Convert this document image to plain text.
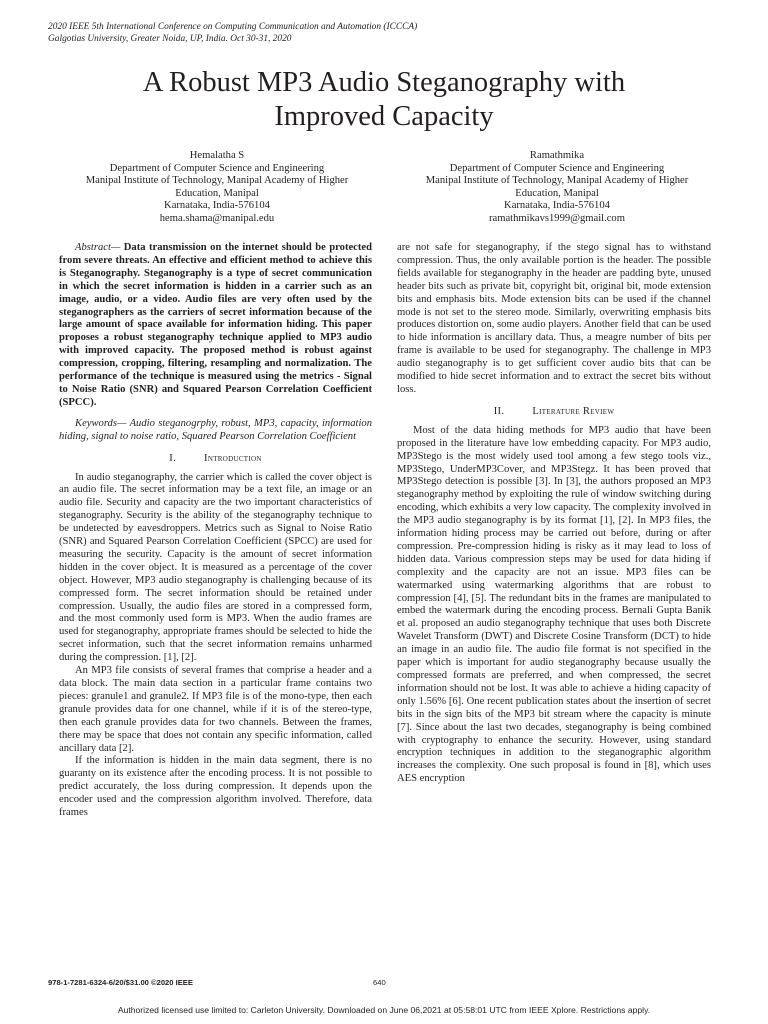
2020 IEEE 5th International Conference on Computing Communication and Automation (ICCCA)
Galgotias University, Greater Noida, UP, India. Oct 30-31, 2020
A Robust MP3 Audio Steganography with
Improved Capacity
Hemalatha S
Department of Computer Science and Engineering
Manipal Institute of Technology, Manipal Academy of Higher
Education, Manipal
Karnataka, India-576104
hema.shama@manipal.edu
Ramathmika
Department of Computer Science and Engineering
Manipal Institute of Technology, Manipal Academy of Higher
Education, Manipal
Karnataka, India-576104
ramathmikavs1999@gmail.com

Abstract— Data transmission on the internet should be protected from severe threats. An effective and efficient method to achieve this is Steganography. Steganography is a type of secret communication in which the secret information is hidden in a carrier such as an image, audio, or a video. Audio files are very often used by the steganographers as the carriers of secret information because of the large amount of space available for information hiding. This paper proposes a robust steganography technique applied to MP3 audio with improved capacity. The proposed method is robust against compression, cropping, filtering, resampling and normalization. The performance of the technique is measured using the metrics - Signal to Noise Ratio (SNR) and Squared Pearson Correlation Coefficient (SPCC).

Keywords— Audio steganogrphy, robust, MP3, capacity, information hiding, signal to noise ratio, Squared Pearson Correlation Coefficient

I.	Introduction

In audio steganography, the carrier which is called the cover object is an audio file. The secret information may be a text file, an image or an audio file. Security and capacity are the two important characteristics of steganography. Security is the ability of the steganography technique to be undetected by eavesdroppers. Metrics such as Signal to Noise Ratio (SNR) and Squared Pearson Correlation Coefficient (SPCC) are used for measuring the security. Capacity is the amount of secret information hidden in the cover object. It is measured as a percentage of the cover object. However, MP3 audio steganography is challenging because of its compressed form. The secret information should be retained under compression. Usually, the audio files are stored in a compressed form, and the most commonly used form is MP3. When the audio frames are used for steganography, appropriate frames should be selected to hide the secret information, such that the secret information remains unharmed during the compression. [1], [2].

An MP3 file consists of several frames that comprise a header and a data block. The main data section in a particular frame contains two pieces: granule1 and granule2. If MP3 file is of the mono-type, then each granule provides data for one channel, while if it is of the stereo-type, then each granule provides data for two channels. Between the frames, there may be space that does not contain any specific information, called ancillary data [2].

If the information is hidden in the main data segment, there is no guaranty on its existence after the encoding process. It is not possible to predict accurately, the loss during compression. It depends upon the encoder used and the compression algorithm involved. Therefore, data frames

are not safe for steganography, if the stego signal has to withstand compression. Thus, the only available portion is the header. The possible fields available for steganography in the header are padding byte, unused header bits such as private bit, copyright bit, original bit, mode extension bits and emphasis bits. Mode extension bits can be used if the channel mode is not set to the stereo mode. Similarly, overwriting emphasis bits produces distortion on, some audio players. Another field that can be used to hide information is ancillary data. Thus, a meagre number of bits per frame is available to be used for steganography. The challenge in MP3 audio steganography is to get sufficient cover audio bits that can be modified to hide secret information and to extract the secret bits without loss.

II.	Literature Review

Most of the data hiding methods for MP3 audio that have been proposed in the literature have low embedding capacity. For MP3 audio, MP3Stego is the most widely used tool among a few stego tools viz., MP3Stego, UnderMP3Cover, and MP3Stegz. It has been proved that MP3Stego detection is possible [3]. In [3], the authors proposed an MP3 steganography method by exploiting the rule of window switching during encoding, which exhibits a very low capacity. The complexity involved in the MP3 audio steganography is by its format [1], [2]. In MP3 files, the information hiding process may be carried out before, during or after compression. Pre-compression hiding is risky as it may lead to loss of hidden data. Various compression steps may be used for data hiding if complexity and the capacity are not an issue. MP3 files can be watermarked using watermarking algorithms that are robust to compression [4], [5]. The redundant bits in the frames are manipulated to embed the watermark during the encoding process. Bernali Gupta Banik et al. proposed an audio steganography technique that uses both Discrete Wavelet Transform (DWT) and Discrete Cosine Transform (DCT) to hide an image in an audio file. The audio file format is not specified in the paper which is important for audio steganography because usually the compressed formats are preferred, and when compressed, the secret information should not be lost. It was able to achieve a hiding capacity of only 1.56% [6]. One recent publication states about the insertion of secret bits in the sign bits of the MP3 bit stream where the capacity is minute [7]. Since about the last two decades, steganography is being combined with cryptography to enhance the security. However, using standard encryption techniques in addition to the steganographic algorithm increases the complexity. One such proposal is found in [8], which uses AES encryption

978-1-7281-6324-6/20/$31.00 ©2020 IEEE	640
Authorized licensed use limited to: Carleton University. Downloaded on June 06,2021 at 05:58:01 UTC from IEEE Xplore. Restrictions apply.
